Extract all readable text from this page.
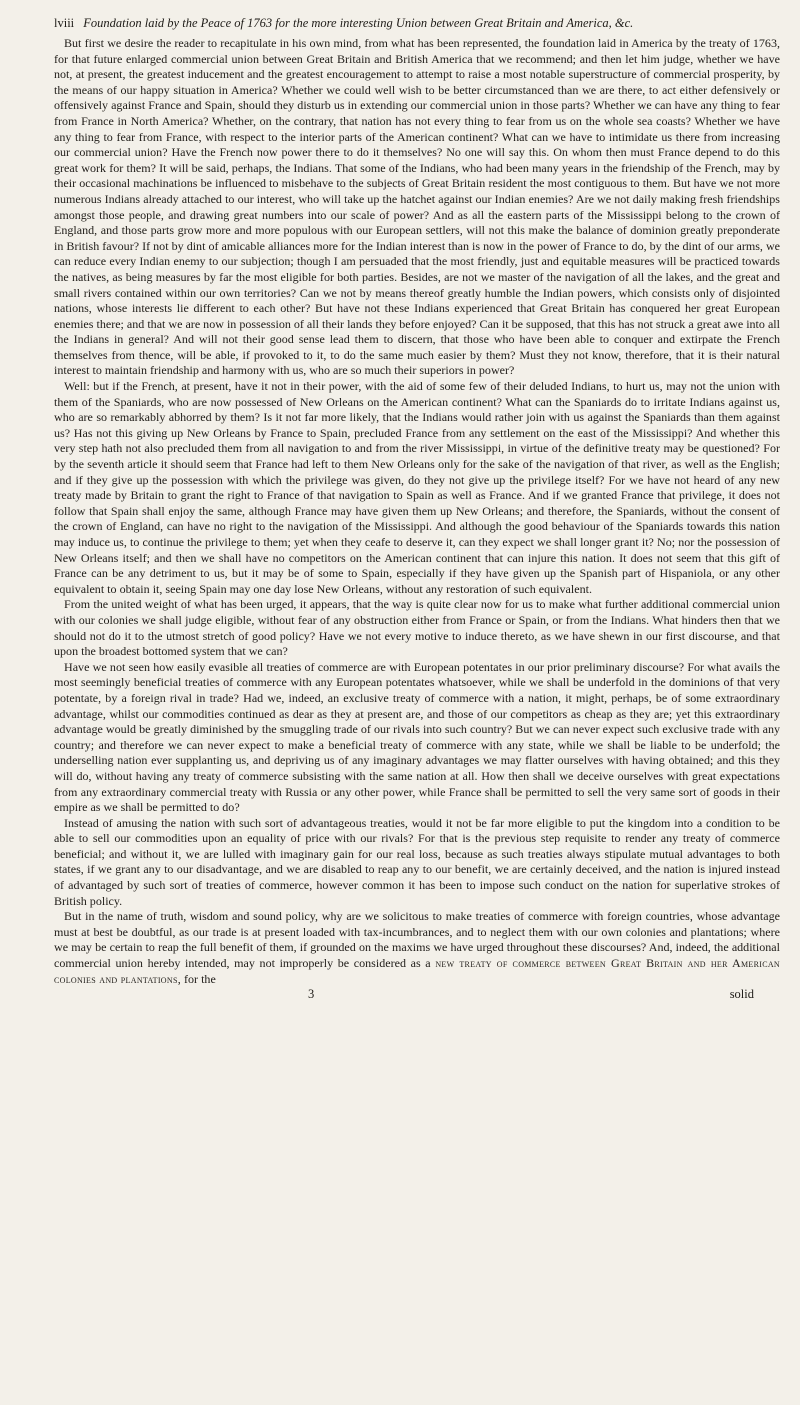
lviii Foundation laid by the Peace of 1763 for the more interesting Union between Great Britain and America, &c.

But first we desire the reader to recapitulate in his own mind, from what has been represented, the foundation laid in America by the treaty of 1763, for that future enlarged commercial union between Great Britain and British America that we recommend; and then let him judge, whether we have not, at present, the greatest inducement and the greatest encouragement to attempt to raise a most notable superstructure of commercial prosperity, by the means of our happy situation in America? Whether we could well wish to be better circumstanced than we are there, to act either defensively or offensively against France and Spain, should they disturb us in extending our commercial union in those parts? Whether we can have any thing to fear from France in North America? Whether, on the contrary, that nation has not every thing to fear from us on the whole sea coasts? Whether we have any thing to fear from France, with respect to the interior parts of the American continent? What can we have to intimidate us there from increasing our commercial union? Have the French now power there to do it themselves? No one will say this. On whom then must France depend to do this great work for them? It will be said, perhaps, the Indians. That some of the Indians, who had been many years in the friendship of the French, may by their occasional machinations be influenced to misbehave to the subjects of Great Britain resident the most contiguous to them. But have we not more numerous Indians already attached to our interest, who will take up the hatchet against our Indian enemies? Are we not daily making fresh friendships amongst those people, and drawing great numbers into our scale of power? And as all the eastern parts of the Mississippi belong to the crown of England, and those parts grow more and more populous with our European settlers, will not this make the balance of dominion greatly preponderate in British favour? If not by dint of amicable alliances more for the Indian interest than is now in the power of France to do, by the dint of our arms, we can reduce every Indian enemy to our subjection; though I am persuaded that the most friendly, just and equitable measures will be practiced towards the natives, as being measures by far the most eligible for both parties. Besides, are not we master of the navigation of all the lakes, and the great and small rivers contained within our own territories? Can we not by means thereof greatly humble the Indian powers, which consists only of disjointed nations, whose interests lie different to each other? But have not these Indians experienced that Great Britain has conquered her great European enemies there; and that we are now in possession of all their lands they before enjoyed? Can it be supposed, that this has not struck a great awe into all the Indians in general? And will not their good sense lead them to discern, that those who have been able to conquer and extirpate the French themselves from thence, will be able, if provoked to it, to do the same much easier by them? Must they not know, therefore, that it is their natural interest to maintain friendship and harmony with us, who are so much their superiors in power?

Well: but if the French, at present, have it not in their power, with the aid of some few of their deluded Indians, to hurt us, may not the union with them of the Spaniards, who are now possessed of New Orleans on the American continent? What can the Spaniards do to irritate Indians against us, who are so remarkably abhorred by them? Is it not far more likely, that the Indians would rather join with us against the Spaniards than them against us? Has not this giving up New Orleans by France to Spain, precluded France from any settlement on the east of the Mississippi? And whether this very step hath not also precluded them from all navigation to and from the river Mississippi, in virtue of the definitive treaty may be questioned? For by the seventh article it should seem that France had left to them New Orleans only for the sake of the navigation of that river, as well as the English; and if they give up the possession with which the privilege was given, do they not give up the privilege itself? For we have not heard of any new treaty made by Britain to grant the right to France of that navigation to Spain as well as France. And if we granted France that privilege, it does not follow that Spain shall enjoy the same, although France may have given them up New Orleans; and therefore, the Spaniards, without the consent of the crown of England, can have no right to the navigation of the Mississippi. And although the good behaviour of the Spaniards towards this nation may induce us, to continue the privilege to them; yet when they ceafe to deserve it, can they expect we shall longer grant it? No; nor the possession of New Orleans itself; and then we shall have no competitors on the American continent that can injure this nation. It does not seem that this gift of France can be any detriment to us, but it may be of some to Spain, especially if they have given up the Spanish part of Hispaniola, or any other equivalent to obtain it, seeing Spain may one day lose New Orleans, without any restoration of such equivalent.

From the united weight of what has been urged, it appears, that the way is quite clear now for us to make what further additional commercial union with our colonies we shall judge eligible, without fear of any obstruction either from France or Spain, or from the Indians. What hinders then that we should not do it to the utmost stretch of good policy? Have we not every motive to induce thereto, as we have shewn in our first discourse, and that upon the broadest bottomed system that we can?

Have we not seen how easily evasible all treaties of commerce are with European potentates in our prior preliminary discourse? For what avails the most seemingly beneficial treaties of commerce with any European potentates whatsoever, while we shall be underfold in the dominions of that very potentate, by a foreign rival in trade? Had we, indeed, an exclusive treaty of commerce with a nation, it might, perhaps, be of some extraordinary advantage, whilst our commodities continued as dear as they at present are, and those of our competitors as cheap as they are; yet this extraordinary advantage would be greatly diminished by the smuggling trade of our rivals into such country? But we can never expect such exclusive trade with any country; and therefore we can never expect to make a beneficial treaty of commerce with any state, while we shall be liable to be underfold; the underselling nation ever supplanting us, and depriving us of any imaginary advantages we may flatter ourselves with having obtained; and this they will do, without having any treaty of commerce subsisting with the same nation at all. How then shall we deceive ourselves with great expectations from any extraordinary commercial treaty with Russia or any other power, while France shall be permitted to sell the very same sort of goods in their empire as we shall be permitted to do?

Instead of amusing the nation with such sort of advantageous treaties, would it not be far more eligible to put the kingdom into a condition to be able to sell our commodities upon an equality of price with our rivals? For that is the previous step requisite to render any treaty of commerce beneficial; and without it, we are lulled with imaginary gain for our real loss, because as such treaties always stipulate mutual advantages to both states, if we grant any to our disadvantage, and we are disabled to reap any to our benefit, we are certainly deceived, and the nation is injured instead of advantaged by such sort of treaties of commerce, however common it has been to impose such conduct on the nation for superlative strokes of British policy.

But in the name of truth, wisdom and sound policy, why are we solicitous to make treaties of commerce with foreign countries, whose advantage must at best be doubtful, as our trade is at present loaded with tax-incumbrances, and to neglect them with our own colonies and plantations; where we may be certain to reap the full benefit of them, if grounded on the maxims we have urged throughout these discourses? And, indeed, the additional commercial union hereby intended, may not improperly be considered as a new treaty of commerce between Great Britain and her American colonies and plantations, for the

3	solid
